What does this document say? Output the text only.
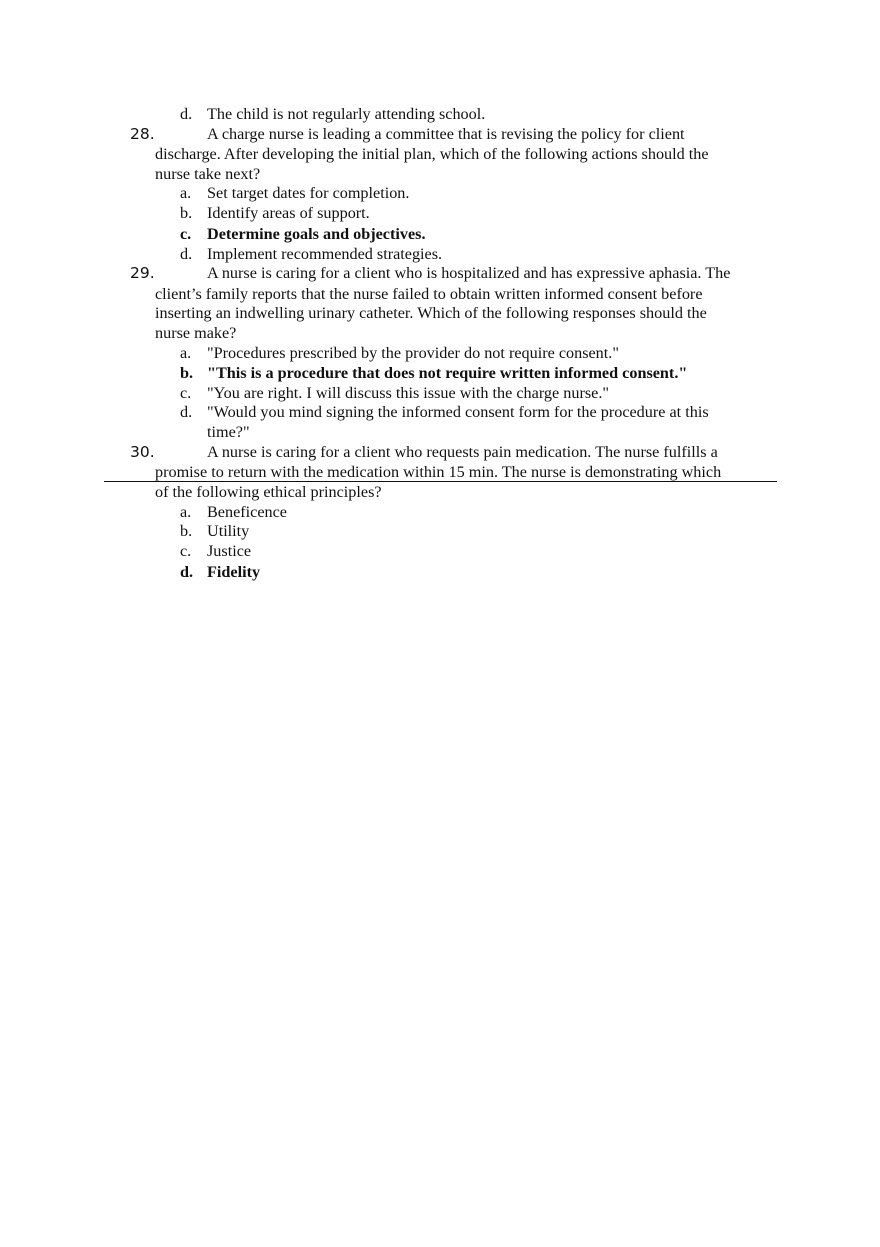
d. The child is not regularly attending school.
28.	A charge nurse is leading a committee that is revising the policy for client
discharge. After developing the initial plan, which of the following actions should the
nurse take next?
a. Set target dates for completion.
b. Identify areas of support.
c. Determine goals and objectives.
d. Implement recommended strategies.
29.	A nurse is caring for a client who is hospitalized and has expressive aphasia. The
client’s family reports that the nurse failed to obtain written informed consent before
inserting an indwelling urinary catheter. Which of the following responses should the
nurse make?
a. "Procedures prescribed by the provider do not require consent."
b. "This is a procedure that does not require written informed consent."
c. "You are right. I will discuss this issue with the charge nurse."
d. "Would you mind signing the informed consent form for the procedure at this
time?"
30.	A nurse is caring for a client who requests pain medication. The nurse fulfills a
promise to return with the medication within 15 min. The nurse is demonstrating which
of the following ethical principles?
a. Beneficence
b. Utility
c. Justice
d. Fidelity
